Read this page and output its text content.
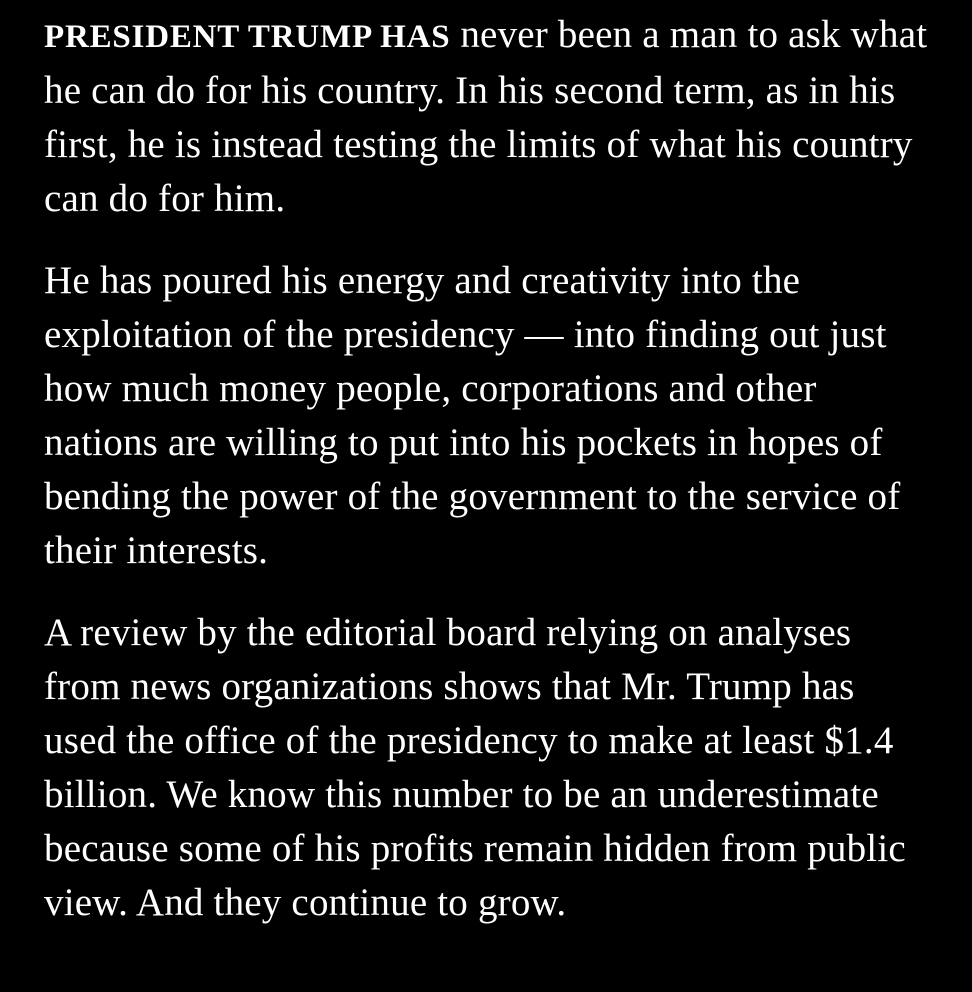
PRESIDENT TRUMP HAS never been a man to ask what he can do for his country. In his second term, as in his first, he is instead testing the limits of what his country can do for him.

He has poured his energy and creativity into the exploitation of the presidency — into finding out just how much money people, corporations and other nations are willing to put into his pockets in hopes of bending the power of the government to the service of their interests.

A review by the editorial board relying on analyses from news organizations shows that Mr. Trump has used the office of the presidency to make at least $1.4 billion. We know this number to be an underestimate because some of his profits remain hidden from public view. And they continue to grow.
